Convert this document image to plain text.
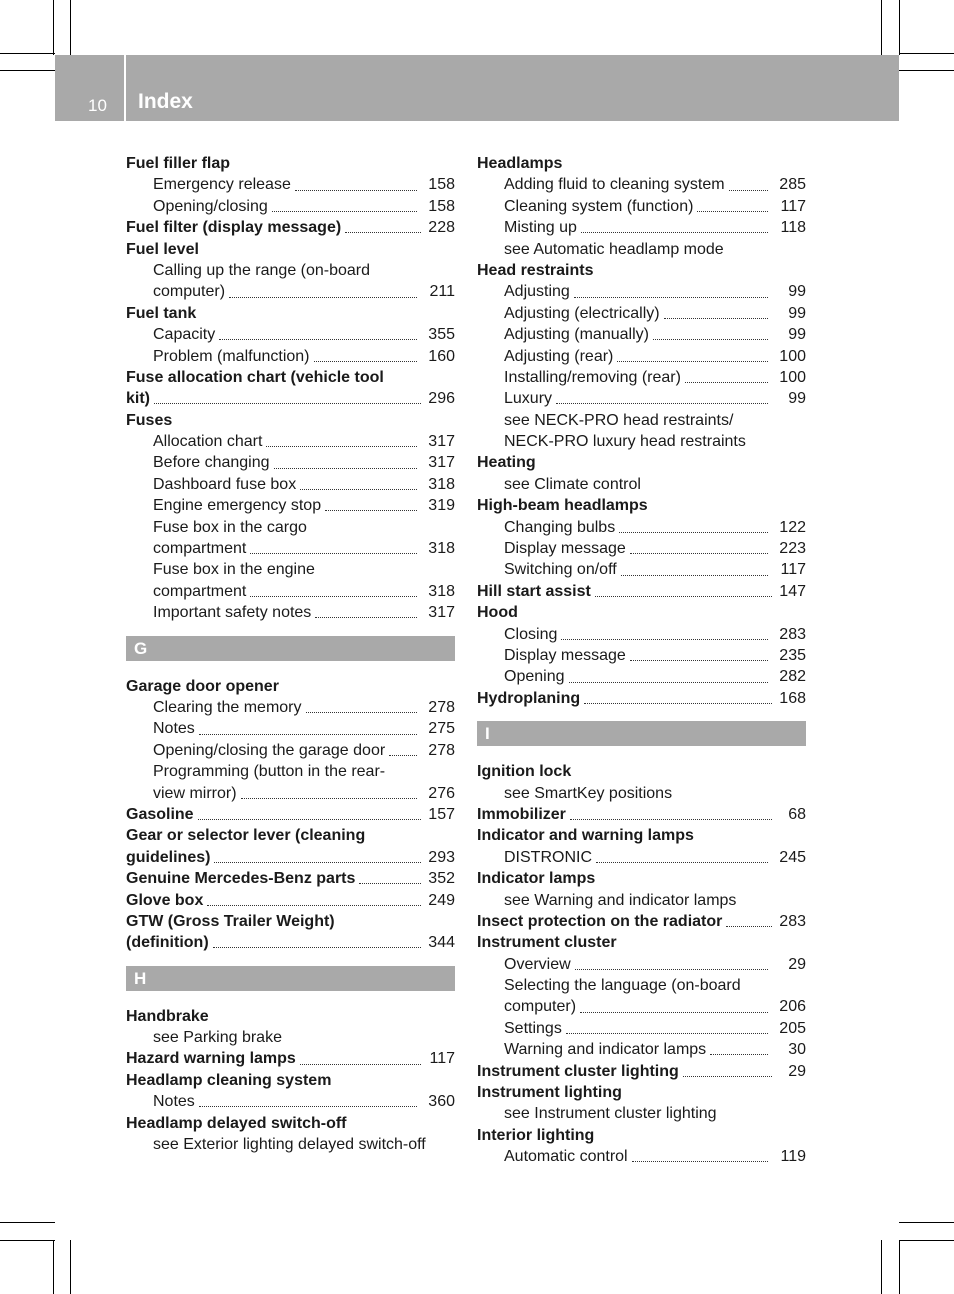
10 Index
Fuel filler flap
Emergency release	158
Opening/closing	158
Fuel filter (display message)	228
Fuel level
Calling up the range (on-board
computer)	211
Fuel tank
Capacity	355
Problem (malfunction)	160
Fuse allocation chart (vehicle tool
kit)	296
Fuses
Allocation chart	317
Before changing	317
Dashboard fuse box	318
Engine emergency stop	319
Fuse box in the cargo
compartment	318
Fuse box in the engine
compartment	318
Important safety notes	317
G
Garage door opener
Clearing the memory	278
Notes	275
Opening/closing the garage door	278
Programming (button in the rear-
view mirror)	276
Gasoline	157
Gear or selector lever (cleaning
guidelines)	293
Genuine Mercedes-Benz parts	352
Glove box	249
GTW (Gross Trailer Weight)
(definition)	344
H
Handbrake
see Parking brake
Hazard warning lamps	117
Headlamp cleaning system
Notes	360
Headlamp delayed switch-off
see Exterior lighting delayed switch-off
Headlamps
Adding fluid to cleaning system	285
Cleaning system (function)	117
Misting up	118
see Automatic headlamp mode
Head restraints
Adjusting	99
Adjusting (electrically)	99
Adjusting (manually)	99
Adjusting (rear)	100
Installing/removing (rear)	100
Luxury	99
see NECK-PRO head restraints/
NECK-PRO luxury head restraints
Heating
see Climate control
High-beam headlamps
Changing bulbs	122
Display message	223
Switching on/off	117
Hill start assist	147
Hood
Closing	283
Display message	235
Opening	282
Hydroplaning	168
I
Ignition lock
see SmartKey positions
Immobilizer	68
Indicator and warning lamps
DISTRONIC	245
Indicator lamps
see Warning and indicator lamps
Insect protection on the radiator	283
Instrument cluster
Overview	29
Selecting the language (on-board
computer)	206
Settings	205
Warning and indicator lamps	30
Instrument cluster lighting	29
Instrument lighting
see Instrument cluster lighting
Interior lighting
Automatic control	119
